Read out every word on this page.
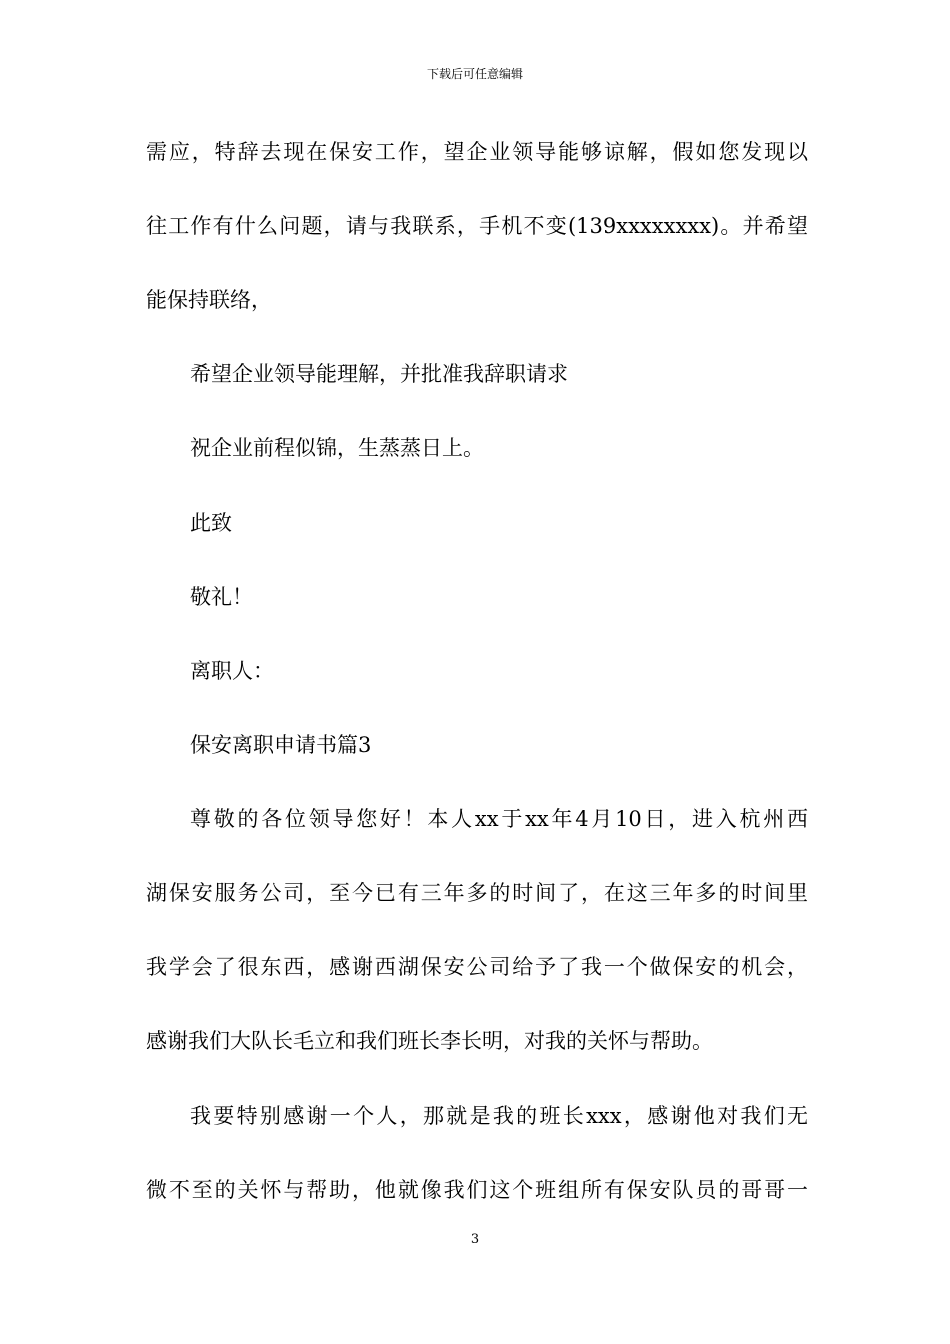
下载后可任意编辑
需应，特辞去现在保安工作，望企业领导能够谅解，假如您发现以
往工作有什么问题，请与我联系，手机不变(139xxxxxxxx)。并希望
能保持联络，
希望企业领导能理解，并批准我辞职请求
祝企业前程似锦，生蒸蒸日上。
此致
敬礼！
离职人：
保安离职申请书篇3
尊敬的各位领导您好！本人xx于xx年4月10日，进入杭州西
湖保安服务公司，至今已有三年多的时间了，在这三年多的时间里
我学会了很东西，感谢西湖保安公司给予了我一个做保安的机会，
感谢我们大队长毛立和我们班长李长明，对我的关怀与帮助。
我要特别感谢一个人，那就是我的班长xxx，感谢他对我们无
微不至的关怀与帮助，他就像我们这个班组所有保安队员的哥哥一
3
